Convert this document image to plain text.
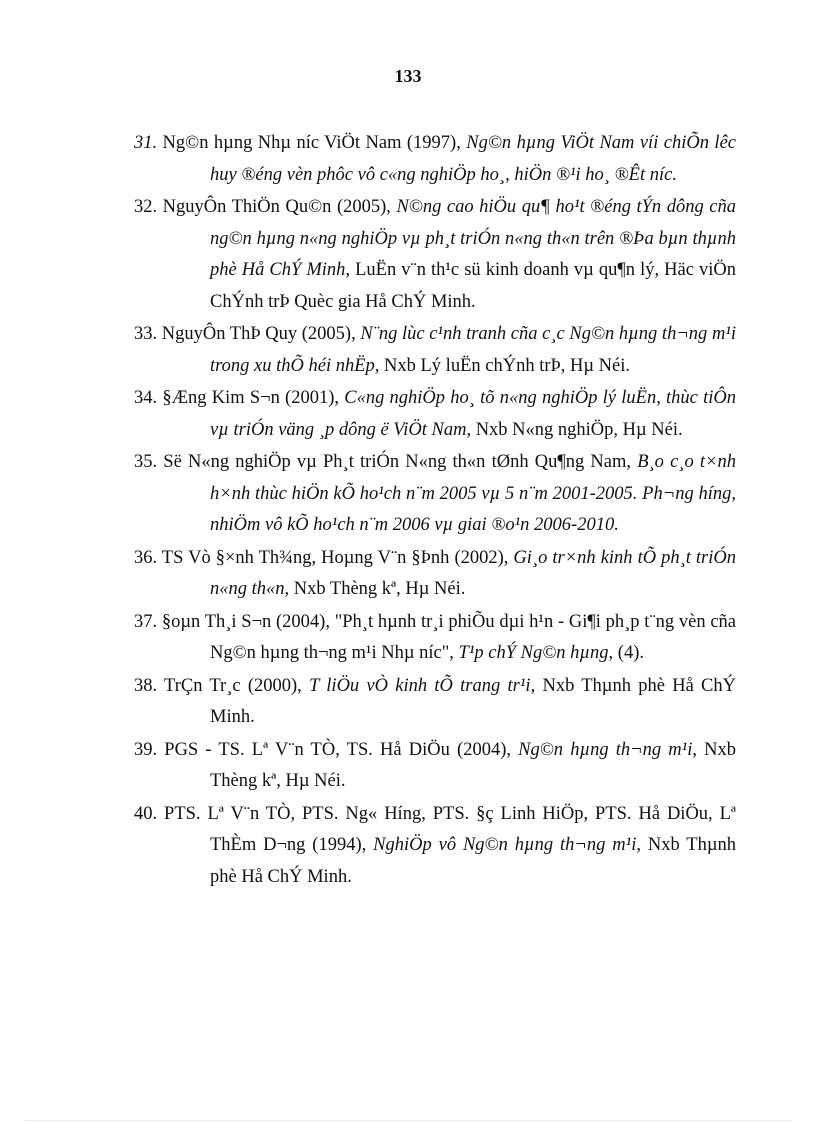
133

31. Ng©n hµng Nhµ níc ViÖt Nam (1997), Ng©n hµng ViÖt Nam víi chiÕn lêc huy ®éng vèn phôc vô c«ng nghiÖp ho¸, hiÖn ®¹i ho¸ ®Êt níc.

32. NguyÔn ThiÖn Qu©n (2005), N©ng cao hiÖu qu¶ ho¹t ®éng tÝn dông cña ng©n hµng n«ng nghiÖp vµ ph¸t triÓn n«ng th«n trên ®Þa bµn thµnh phè Hå ChÝ Minh, LuËn v¨n th¹c sü kinh doanh vµ qu¶n lý, Häc viÖn ChÝnh trÞ Quèc gia Hå ChÝ Minh.

33. NguyÔn ThÞ Quy (2005), N¨ng lùc c¹nh tranh cña c¸c Ng©n hµng th¬ng m¹i trong xu thÕ héi nhËp, Nxb Lý luËn chÝnh trÞ, Hµ Néi.

34. §Æng Kim S¬n (2001), C«ng nghiÖp ho¸ tõ n«ng nghiÖp lý luËn, thùc tiÔn vµ triÓn väng ¸p dông ë ViÖt Nam, Nxb N«ng nghiÖp, Hµ Néi.

35. Së N«ng nghiÖp vµ Ph¸t triÓn N«ng th«n tØnh Qu¶ng Nam, B¸o c¸o t×nh h×nh thùc hiÖn kÕ ho¹ch n¨m 2005 vµ 5 n¨m 2001-2005. Ph¬ng híng, nhiÖm vô kÕ ho¹ch n¨m 2006 vµ giai ®o¹n 2006-2010.

36. TS Vò §×nh Th¾ng, Hoµng V¨n §Þnh (2002), Gi¸o tr×nh kinh tÕ ph¸t triÓn n«ng th«n, Nxb Thèng kª, Hµ Néi.

37. §oµn Th¸i S¬n (2004), "Ph¸t hµnh tr¸i phiÕu dµi h¹n - Gi¶i ph¸p t¨ng vèn cña Ng©n hµng th¬ng m¹i Nhµ níc", T¹p chÝ Ng©n hµng, (4).

38. TrÇn Tr¸c (2000), T liÖu vÒ kinh tÕ trang tr¹i, Nxb Thµnh phè Hå ChÝ Minh.

39. PGS - TS. Lª V¨n TÒ, TS. Hå DiÖu (2004), Ng©n hµng th¬ng m¹i, Nxb Thèng kª, Hµ Néi.

40. PTS. Lª V¨n TÒ, PTS. Ng« Híng, PTS. §ç Linh HiÖp, PTS. Hå DiÖu, Lª ThÈm D¬ng (1994), NghiÖp vô Ng©n hµng th¬ng m¹i, Nxb Thµnh phè Hå ChÝ Minh.
